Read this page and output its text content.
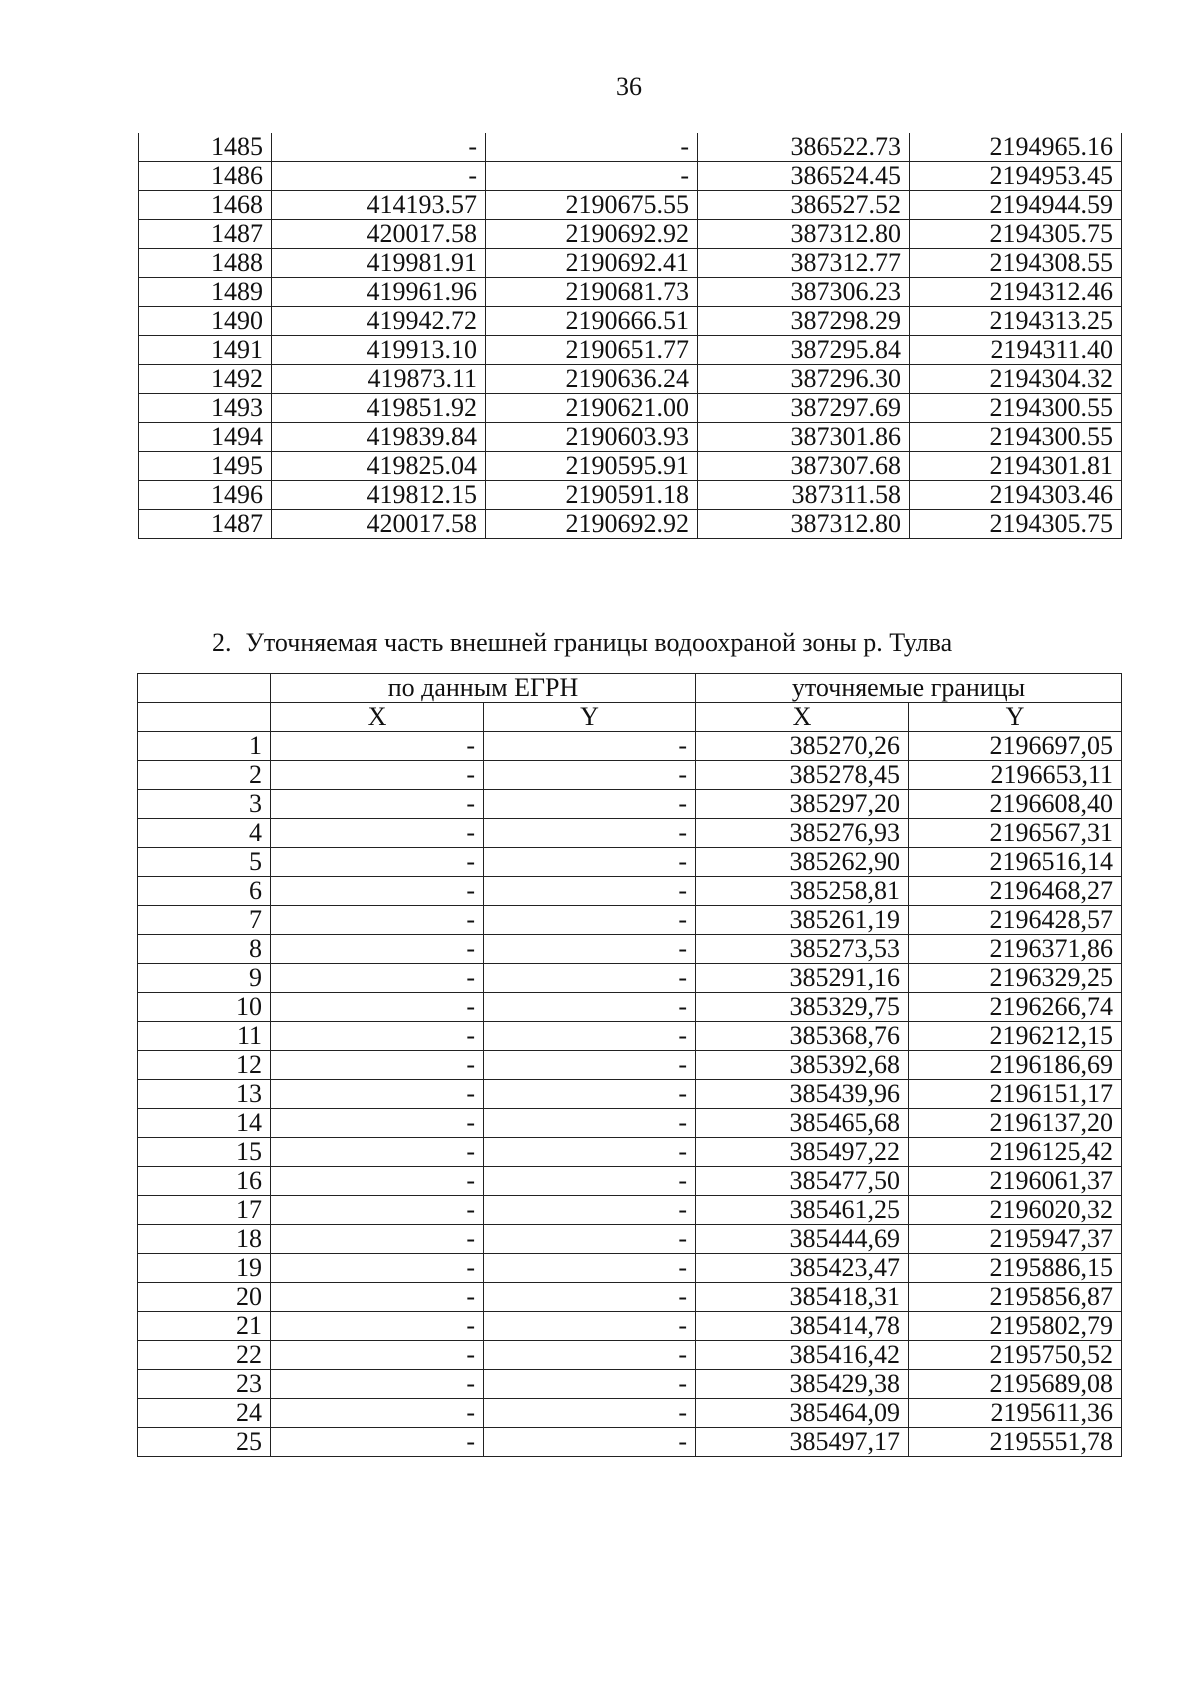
36
1485	-	-	386522.73	2194965.16
1486	-	-	386524.45	2194953.45
1468	414193.57	2190675.55	386527.52	2194944.59
1487	420017.58	2190692.92	387312.80	2194305.75
1488	419981.91	2190692.41	387312.77	2194308.55
1489	419961.96	2190681.73	387306.23	2194312.46
1490	419942.72	2190666.51	387298.29	2194313.25
1491	419913.10	2190651.77	387295.84	2194311.40
1492	419873.11	2190636.24	387296.30	2194304.32
1493	419851.92	2190621.00	387297.69	2194300.55
1494	419839.84	2190603.93	387301.86	2194300.55
1495	419825.04	2190595.91	387307.68	2194301.81
1496	419812.15	2190591.18	387311.58	2194303.46
1487	420017.58	2190692.92	387312.80	2194305.75
2. Уточняемая часть внешней границы водоохраной зоны р. Тулва
	по данным ЕГРН		уточняемые границы	
	X	Y	X	Y
1	-	-	385270,26	2196697,05
2	-	-	385278,45	2196653,11
3	-	-	385297,20	2196608,40
4	-	-	385276,93	2196567,31
5	-	-	385262,90	2196516,14
6	-	-	385258,81	2196468,27
7	-	-	385261,19	2196428,57
8	-	-	385273,53	2196371,86
9	-	-	385291,16	2196329,25
10	-	-	385329,75	2196266,74
11	-	-	385368,76	2196212,15
12	-	-	385392,68	2196186,69
13	-	-	385439,96	2196151,17
14	-	-	385465,68	2196137,20
15	-	-	385497,22	2196125,42
16	-	-	385477,50	2196061,37
17	-	-	385461,25	2196020,32
18	-	-	385444,69	2195947,37
19	-	-	385423,47	2195886,15
20	-	-	385418,31	2195856,87
21	-	-	385414,78	2195802,79
22	-	-	385416,42	2195750,52
23	-	-	385429,38	2195689,08
24	-	-	385464,09	2195611,36
25	-	-	385497,17	2195551,78
